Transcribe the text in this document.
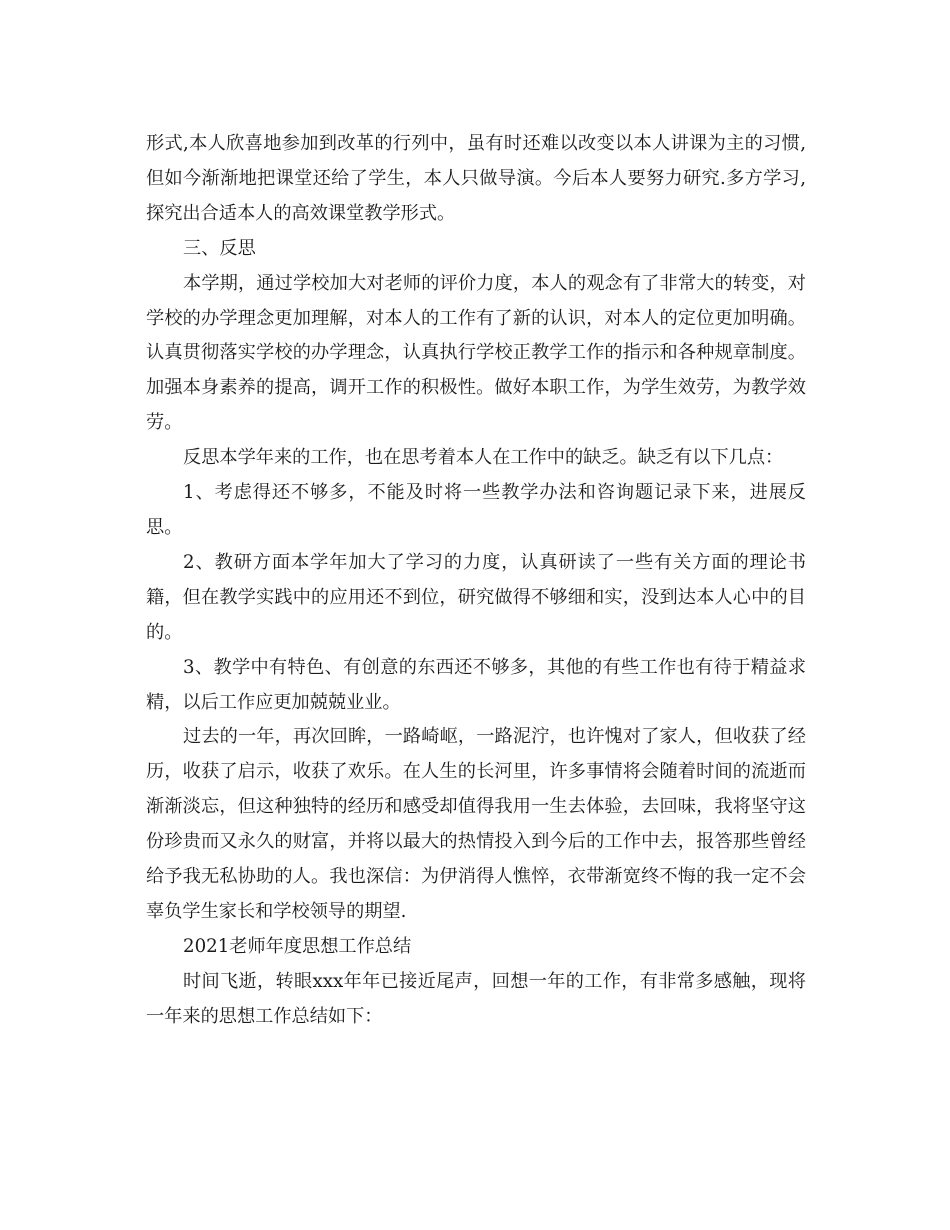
形式,本人欣喜地参加到改革的行列中，虽有时还难以改变以本人讲课为主的习惯,但如今渐渐地把课堂还给了学生，本人只做导演。今后本人要努力研究.多方学习,探究出合适本人的高效课堂教学形式。

三、反思

本学期，通过学校加大对老师的评价力度，本人的观念有了非常大的转变，对学校的办学理念更加理解，对本人的工作有了新的认识，对本人的定位更加明确。认真贯彻落实学校的办学理念，认真执行学校正教学工作的指示和各种规章制度。加强本身素养的提高，调开工作的积极性。做好本职工作，为学生效劳，为教学效劳。

反思本学年来的工作，也在思考着本人在工作中的缺乏。缺乏有以下几点：

1、考虑得还不够多，不能及时将一些教学办法和咨询题记录下来，进展反思。

2、教研方面本学年加大了学习的力度，认真研读了一些有关方面的理论书籍，但在教学实践中的应用还不到位，研究做得不够细和实，没到达本人心中的目的。

3、教学中有特色、有创意的东西还不够多，其他的有些工作也有待于精益求精，以后工作应更加兢兢业业。

过去的一年，再次回眸，一路崎岖，一路泥泞，也许愧对了家人，但收获了经历，收获了启示，收获了欢乐。在人生的长河里，许多事情将会随着时间的流逝而渐渐淡忘，但这种独特的经历和感受却值得我用一生去体验，去回味，我将坚守这份珍贵而又永久的财富，并将以最大的热情投入到今后的工作中去，报答那些曾经给予我无私协助的人。我也深信：为伊消得人憔悴，衣带渐宽终不悔的我一定不会辜负学生家长和学校领导的期望.

2021老师年度思想工作总结

时间飞逝，转眼xxx年年已接近尾声，回想一年的工作，有非常多感触，现将一年来的思想工作总结如下：
